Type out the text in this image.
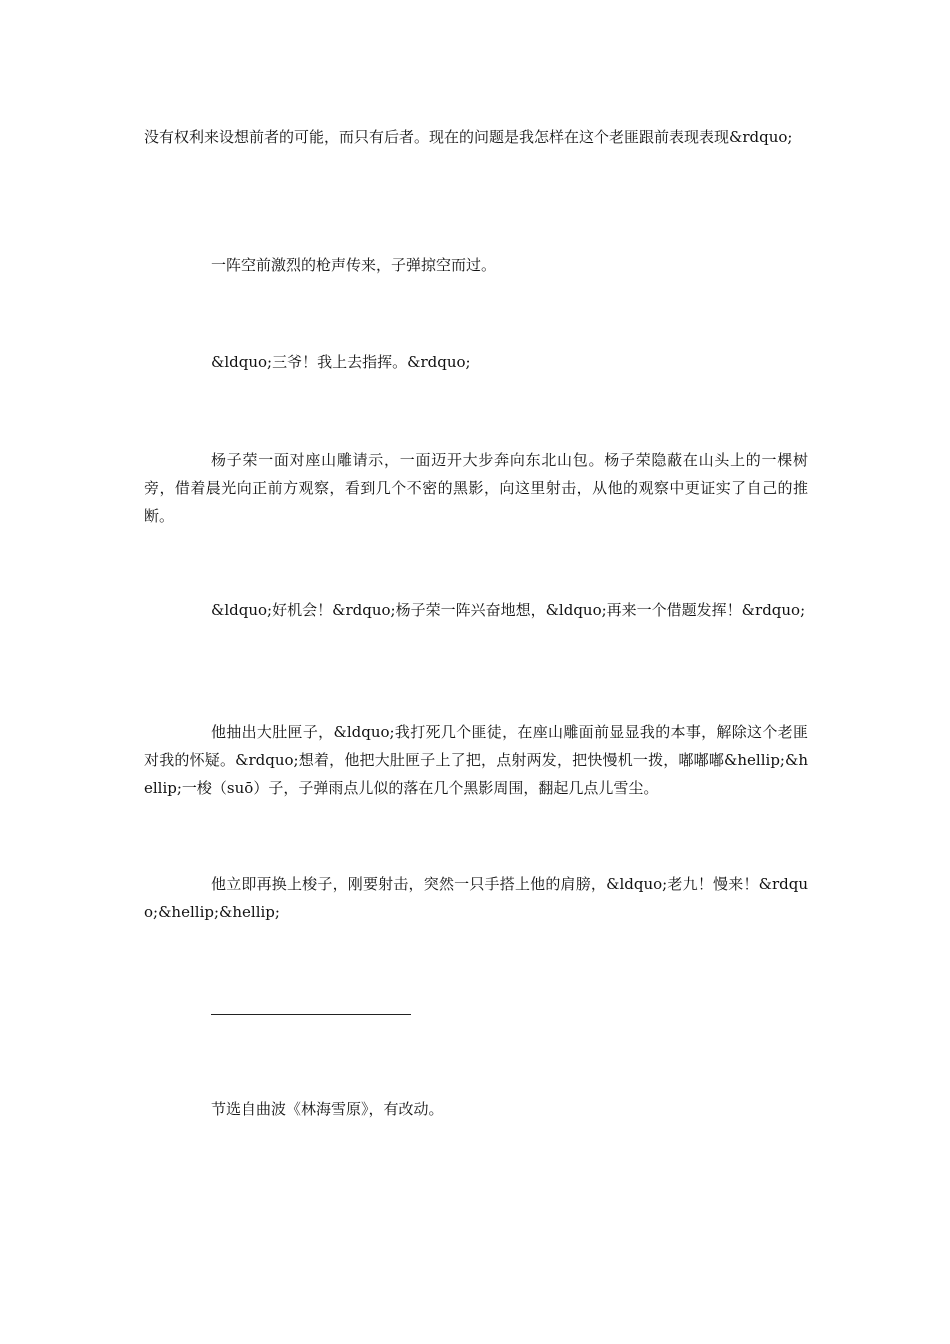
没有权利来设想前者的可能，而只有后者。现在的问题是我怎样在这个老匪跟前表现表现&rdquo;

一阵空前激烈的枪声传来，子弹掠空而过。

&ldquo;三爷！我上去指挥。&rdquo;

杨子荣一面对座山雕请示，一面迈开大步奔向东北山包。杨子荣隐蔽在山头上的一棵树旁，借着晨光向正前方观察，看到几个不密的黑影，向这里射击，从他的观察中更证实了自己的推断。

&ldquo;好机会！&rdquo;杨子荣一阵兴奋地想，&ldquo;再来一个借题发挥！&rdquo;

他抽出大肚匣子，&ldquo;我打死几个匪徒，在座山雕面前显显我的本事，解除这个老匪对我的怀疑。&rdquo;想着，他把大肚匣子上了把，点射两发，把快慢机一拨，嘟嘟嘟&hellip;&hellip;一梭（suō）子，子弹雨点儿似的落在几个黑影周围，翻起几点儿雪尘。

他立即再换上梭子，刚要射击，突然一只手搭上他的肩膀，&ldquo;老九！慢来！&rdquo;&hellip;&hellip;

节选自曲波《林海雪原》，有改动。
